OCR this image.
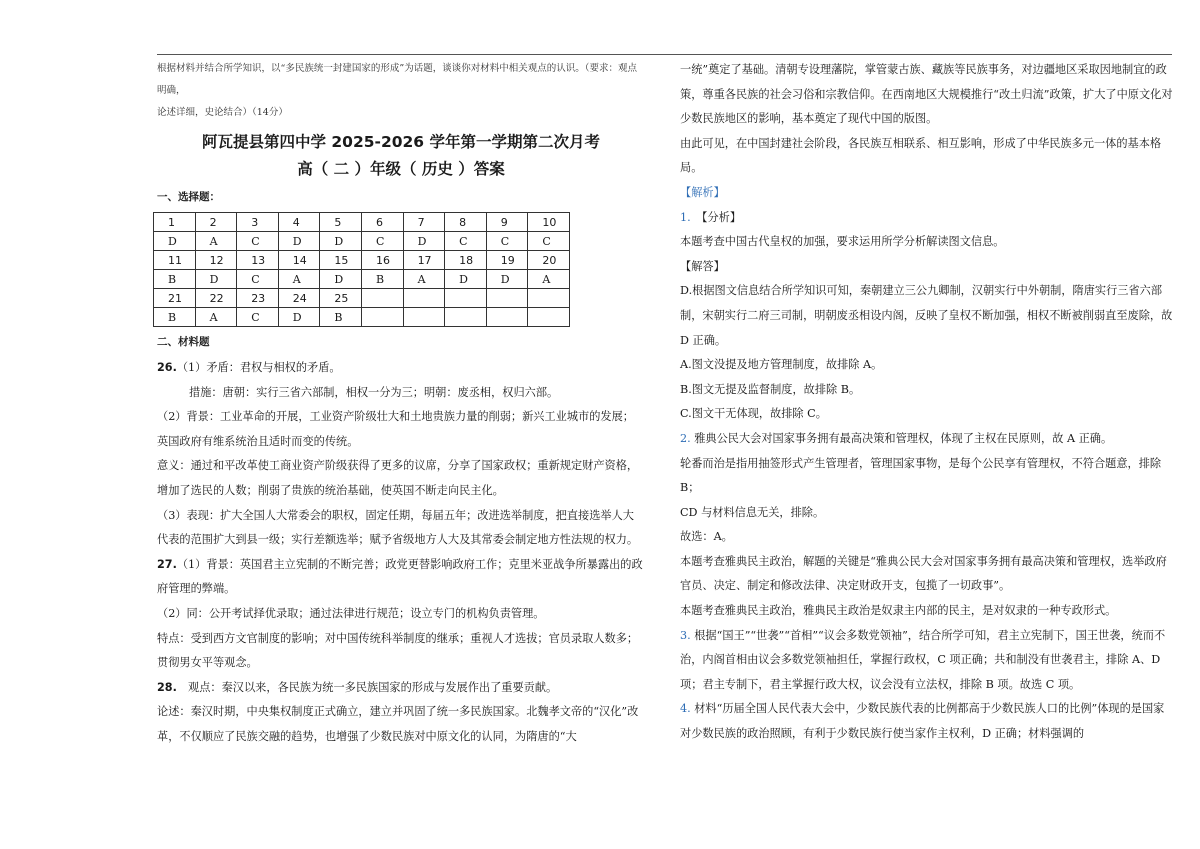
根据材料并结合所学知识，以“多民族统一封建国家的形成”为话题，谈谈你对材料中相关观点的认识。（要求：观点明确，
论述详细，史论结合）（14分）
阿瓦提县第四中学 2025-2026 学年第一学期第二次月考
高（ 二 ）年级（ 历史 ）答案
一、选择题：
1	2	3	4	5	6	7	8	9	10
D	A	C	D	D	C	D	C	C	C
11	12	13	14	15	16	17	18	19	20
B	D	C	A	D	B	A	D	D	A
21	22	23	24	25					
B	A	C	D	B					
二、材料题

26.（1）矛盾：君权与相权的矛盾。

措施：唐朝：实行三省六部制，相权一分为三；明朝：废丞相，权归六部。

（2）背景：工业革命的开展，工业资产阶级壮大和土地贵族力量的削弱；新兴工业城市的发展；英国政府有维系统治且适时而变的传统。

意义：通过和平改革使工商业资产阶级获得了更多的议席，分享了国家政权；重新规定财产资格，增加了选民的人数；削弱了贵族的统治基础，使英国不断走向民主化。

（3）表现：扩大全国人大常委会的职权，固定任期，每届五年；改进选举制度，把直接选举人大代表的范围扩大到县一级；实行差额选举；赋予省级地方人大及其常委会制定地方性法规的权力。

27.（1）背景：英国君主立宪制的不断完善；政党更替影响政府工作；克里米亚战争所暴露出的政府管理的弊端。

（2）同：公开考试择优录取；通过法律进行规范；设立专门的机构负责管理。

特点：受到西方文官制度的影响；对中国传统科举制度的继承；重视人才选拔；官员录取人数多；贯彻男女平等观念。

28.　观点：秦汉以来，各民族为统一多民族国家的形成与发展作出了重要贡献。

论述：秦汉时期，中央集权制度正式确立，建立并巩固了统一多民族国家。北魏孝文帝的“汉化”改革，不仅顺应了民族交融的趋势，也增强了少数民族对中原文化的认同，为隋唐的“大

一统”奠定了基础。清朝专设理藩院，掌管蒙古族、藏族等民族事务，对边疆地区采取因地制宜的政策，尊重各民族的社会习俗和宗教信仰。在西南地区大规模推行“改土归流”政策，扩大了中原文化对少数民族地区的影响，基本奠定了现代中国的版图。

由此可见，在中国封建社会阶段，各民族互相联系、相互影响，形成了中华民族多元一体的基本格局。

【解析】

1.　【分析】

本题考查中国古代皇权的加强，要求运用所学分析解读图文信息。

【解答】

D.根据图文信息结合所学知识可知，秦朝建立三公九卿制，汉朝实行中外朝制，隋唐实行三省六部制，宋朝实行二府三司制，明朝废丞相设内阁，反映了皇权不断加强，相权不断被削弱直至废除，故 D 正确。

A.图文没提及地方管理制度，故排除 A。

B.图文无提及监督制度，故排除 B。

C.图文干无体现，故排除 C。

2. 雅典公民大会对国家事务拥有最高决策和管理权，体现了主权在民原则，故 A 正确。

轮番而治是指用抽签形式产生管理者，管理国家事物，是每个公民享有管理权，不符合题意，排除 B；

CD 与材料信息无关，排除。

故选：A。

本题考查雅典民主政治，解题的关键是“雅典公民大会对国家事务拥有最高决策和管理权，选举政府官员、决定、制定和修改法律、决定财政开支，包揽了一切政事”。

本题考查雅典民主政治，雅典民主政治是奴隶主内部的民主，是对奴隶的一种专政形式。

3. 根据“国王”“世袭”“首相”“议会多数党领袖”，结合所学可知，君主立宪制下，国王世袭，统而不治，内阁首相由议会多数党领袖担任，掌握行政权，C 项正确；共和制没有世袭君主，排除 A、D 项；君主专制下，君主掌握行政大权，议会没有立法权，排除 B 项。故选 C 项。

4. 材料“历届全国人民代表大会中，少数民族代表的比例都高于少数民族人口的比例”体现的是国家对少数民族的政治照顾，有利于少数民族行使当家作主权利，D 正确；材料强调的
